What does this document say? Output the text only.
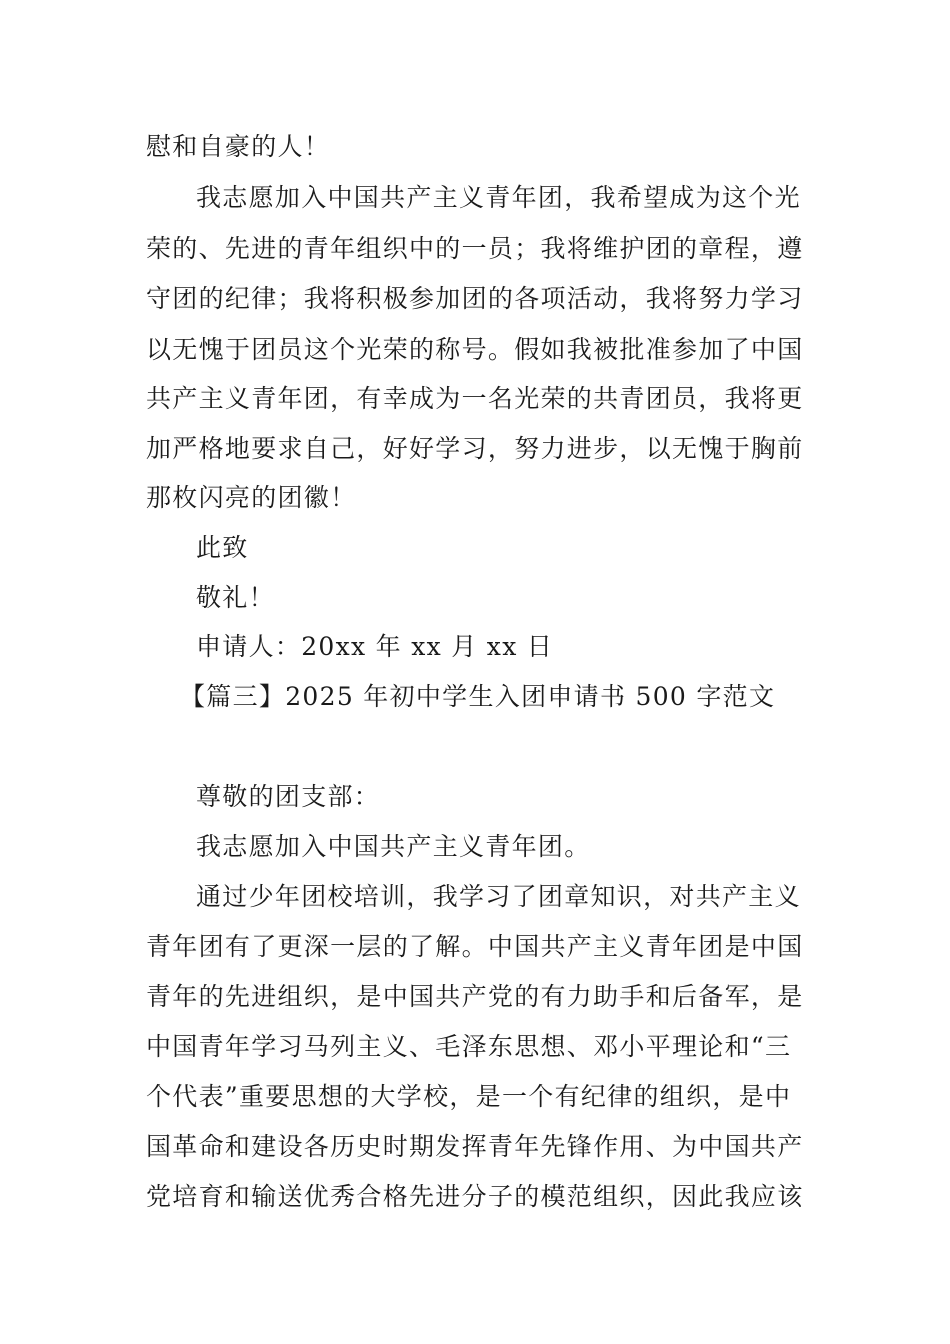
慰和自豪的人！
我志愿加入中国共产主义青年团，我希望成为这个光
荣的、先进的青年组织中的一员；我将维护团的章程，遵
守团的纪律；我将积极参加团的各项活动，我将努力学习
以无愧于团员这个光荣的称号。假如我被批准参加了中国
共产主义青年团，有幸成为一名光荣的共青团员，我将更
加严格地要求自己，好好学习，努力进步，以无愧于胸前
那枚闪亮的团徽！
此致
敬礼！
申请人：20xx 年 xx 月 xx 日
【篇三】2025 年初中学生入团申请书 500 字范文
尊敬的团支部：
我志愿加入中国共产主义青年团。
通过少年团校培训，我学习了团章知识，对共产主义
青年团有了更深一层的了解。中国共产主义青年团是中国
青年的先进组织，是中国共产党的有力助手和后备军，是
中国青年学习马列主义、毛泽东思想、邓小平理论和“三
个代表”重要思想的大学校，是一个有纪律的组织，是中
国革命和建设各历史时期发挥青年先锋作用、为中国共产
党培育和输送优秀合格先进分子的模范组织，因此我应该
